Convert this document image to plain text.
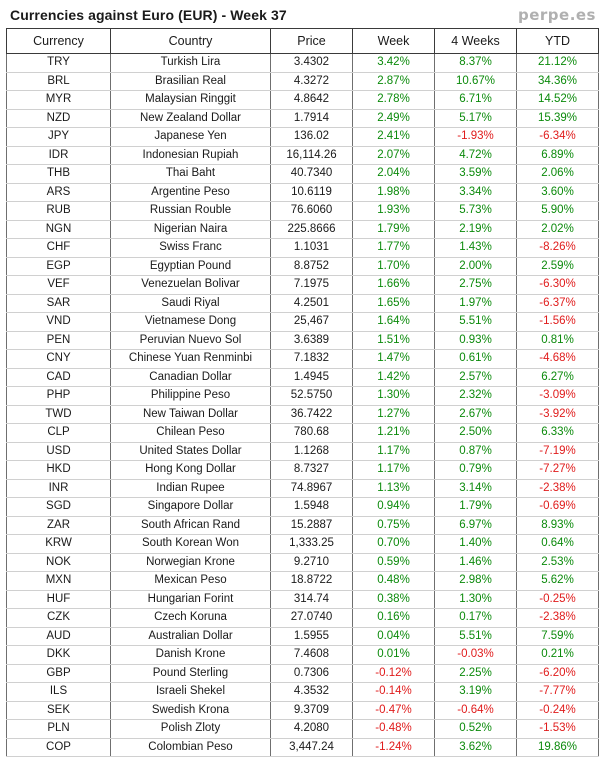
Currencies against Euro (EUR) - Week 37	perpe.es
Currency	Country	Price	Week	4 Weeks	YTD
TRY	Turkish Lira	3.4302	3.42%	8.37%	21.12%
BRL	Brasilian Real	4.3272	2.87%	10.67%	34.36%
MYR	Malaysian Ringgit	4.8642	2.78%	6.71%	14.52%
NZD	New Zealand Dollar	1.7914	2.49%	5.17%	15.39%
JPY	Japanese Yen	136.02	2.41%	-1.93%	-6.34%
IDR	Indonesian Rupiah	16,114.26	2.07%	4.72%	6.89%
THB	Thai Baht	40.7340	2.04%	3.59%	2.06%
ARS	Argentine Peso	10.6119	1.98%	3.34%	3.60%
RUB	Russian Rouble	76.6060	1.93%	5.73%	5.90%
NGN	Nigerian Naira	225.8666	1.79%	2.19%	2.02%
CHF	Swiss Franc	1.1031	1.77%	1.43%	-8.26%
EGP	Egyptian Pound	8.8752	1.70%	2.00%	2.59%
VEF	Venezuelan Bolivar	7.1975	1.66%	2.75%	-6.30%
SAR	Saudi Riyal	4.2501	1.65%	1.97%	-6.37%
VND	Vietnamese Dong	25,467	1.64%	5.51%	-1.56%
PEN	Peruvian Nuevo Sol	3.6389	1.51%	0.93%	0.81%
CNY	Chinese Yuan Renminbi	7.1832	1.47%	0.61%	-4.68%
CAD	Canadian Dollar	1.4945	1.42%	2.57%	6.27%
PHP	Philippine Peso	52.5750	1.30%	2.32%	-3.09%
TWD	New Taiwan Dollar	36.7422	1.27%	2.67%	-3.92%
CLP	Chilean Peso	780.68	1.21%	2.50%	6.33%
USD	United States Dollar	1.1268	1.17%	0.87%	-7.19%
HKD	Hong Kong Dollar	8.7327	1.17%	0.79%	-7.27%
INR	Indian Rupee	74.8967	1.13%	3.14%	-2.38%
SGD	Singapore Dollar	1.5948	0.94%	1.79%	-0.69%
ZAR	South African Rand	15.2887	0.75%	6.97%	8.93%
KRW	South Korean Won	1,333.25	0.70%	1.40%	0.64%
NOK	Norwegian Krone	9.2710	0.59%	1.46%	2.53%
MXN	Mexican Peso	18.8722	0.48%	2.98%	5.62%
HUF	Hungarian Forint	314.74	0.38%	1.30%	-0.25%
CZK	Czech Koruna	27.0740	0.16%	0.17%	-2.38%
AUD	Australian Dollar	1.5955	0.04%	5.51%	7.59%
DKK	Danish Krone	7.4608	0.01%	-0.03%	0.21%
GBP	Pound Sterling	0.7306	-0.12%	2.25%	-6.20%
ILS	Israeli Shekel	4.3532	-0.14%	3.19%	-7.77%
SEK	Swedish Krona	9.3709	-0.47%	-0.64%	-0.24%
PLN	Polish Zloty	4.2080	-0.48%	0.52%	-1.53%
COP	Colombian Peso	3,447.24	-1.24%	3.62%	19.86%
